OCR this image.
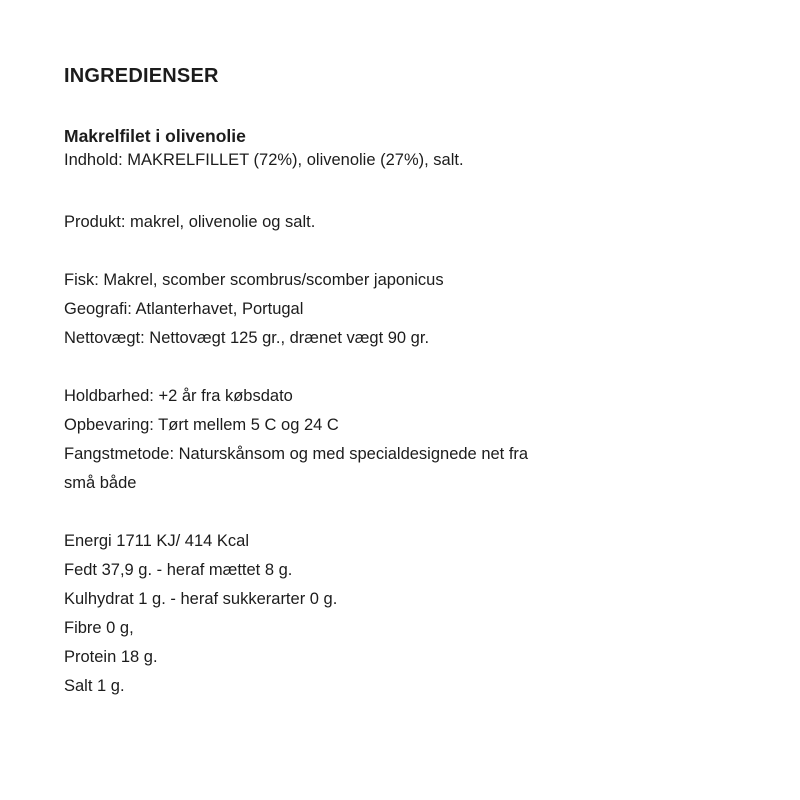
INGREDIENSER
Makrelfilet i olivenolie

Indhold: MAKRELFILLET (72%), olivenolie (27%), salt.

Produkt: makrel, olivenolie og salt.

Fisk: Makrel, scomber scombrus/scomber japonicus

Geografi: Atlanterhavet, Portugal

Nettovægt: Nettovægt 125 gr., drænet vægt 90 gr.

Holdbarhed: +2 år fra købsdato

Opbevaring: Tørt mellem 5 C og 24 C

Fangstmetode: Naturskånsom og med specialdesignede net fra små både

Energi 1711 KJ/ 414 Kcal

Fedt 37,9 g. - heraf mættet 8 g.

Kulhydrat 1 g. - heraf sukkerarter 0 g.

Fibre 0 g,

Protein 18 g.

Salt 1 g.
